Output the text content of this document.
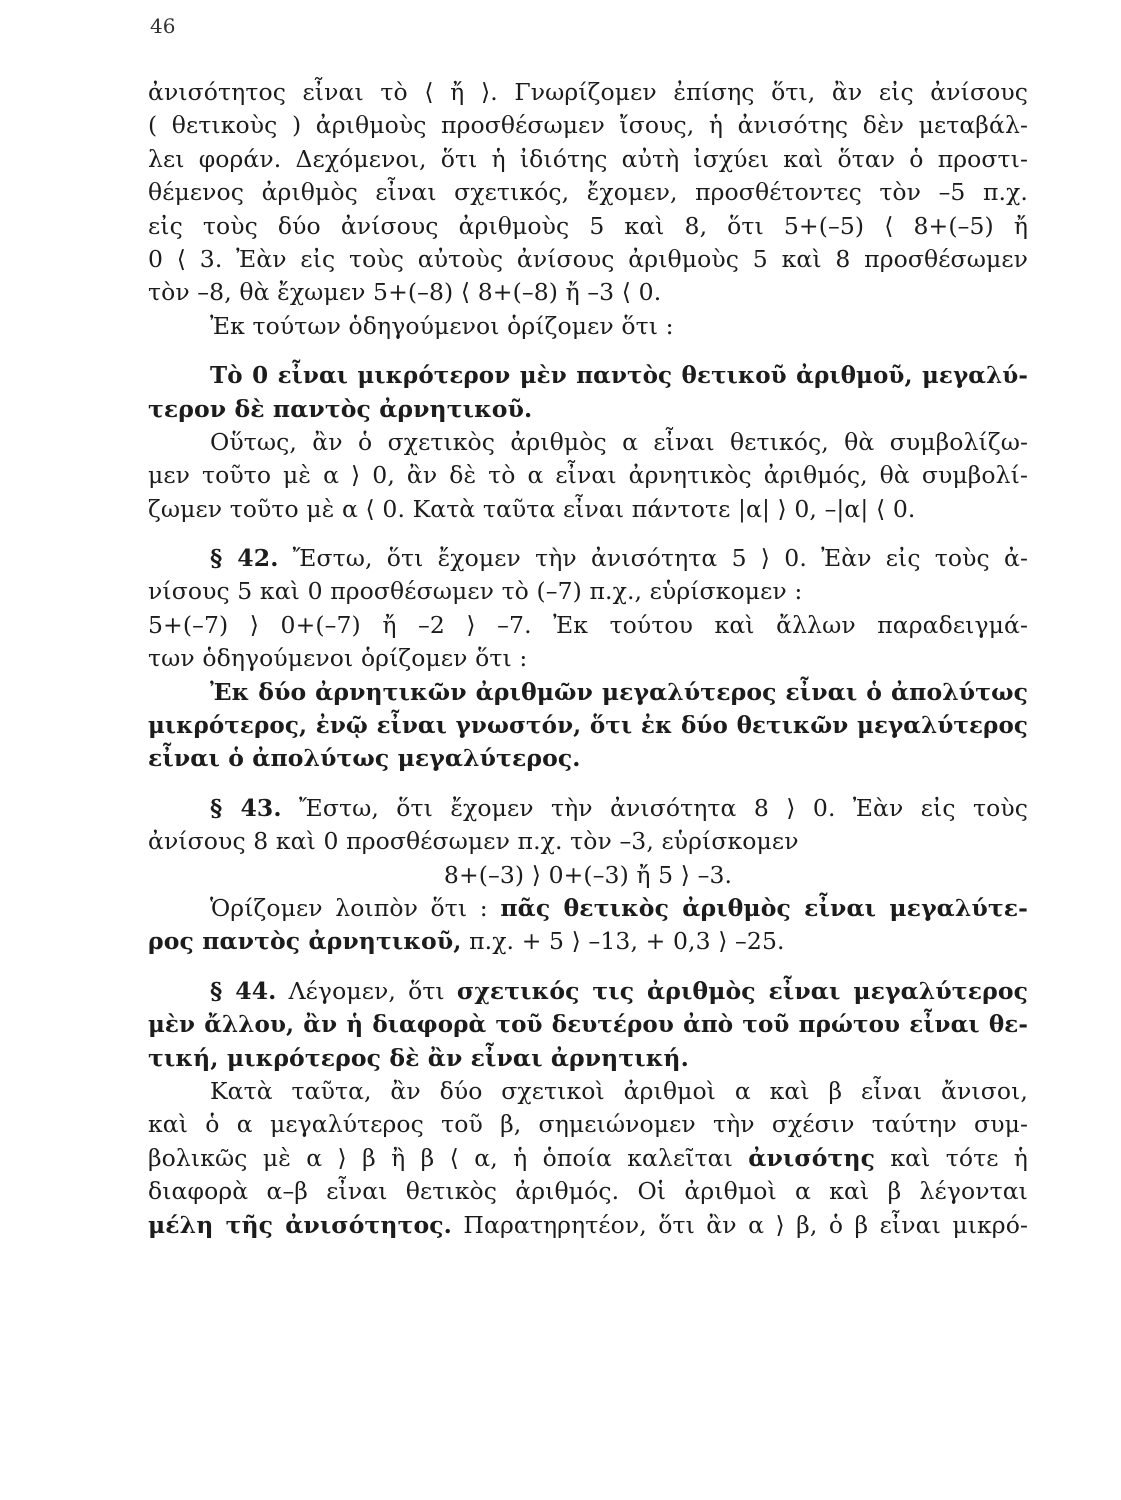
46
ἀνισότητος εἶναι τὸ ⟨ ἤ ⟩. Γνωρίζομεν ἐπίσης ὅτι, ἂν εἰς ἀνίσους
( θετικοὺς ) ἀριθμοὺς προσθέσωμεν ἴσους, ἡ ἀνισότης δὲν μεταβάλ-
λει φοράν. Δεχόμενοι, ὅτι ἡ ἰδιότης αὐτὴ ἰσχύει καὶ ὅταν ὁ προστι-
θέμενος ἀριθμὸς εἶναι σχετικός, ἔχομεν, προσθέτοντες τὸν –5 π.χ.
εἰς τοὺς δύο ἀνίσους ἀριθμοὺς 5 καὶ 8, ὅτι 5+(–5) ⟨ 8+(–5) ἤ
0 ⟨ 3. Ἐὰν εἰς τοὺς αὐτοὺς ἀνίσους ἀριθμοὺς 5 καὶ 8 προσθέσωμεν
τὸν –8, θὰ ἔχωμεν 5+(–8) ⟨ 8+(–8) ἤ –3 ⟨ 0.
Ἐκ τούτων ὁδηγούμενοι ὁρίζομεν ὅτι :
Τὸ 0 εἶναι μικρότερον μὲν παντὸς θετικοῦ ἀριθμοῦ, μεγαλύ-
τερον δὲ παντὸς ἀρνητικοῦ.
Οὕτως, ἂν ὁ σχετικὸς ἀριθμὸς α εἶναι θετικός, θὰ συμβολίζω-
μεν τοῦτο μὲ α ⟩ 0, ἂν δὲ τὸ α εἶναι ἀρνητικὸς ἀριθμός, θὰ συμβολί-
ζωμεν τοῦτο μὲ α ⟨ 0. Κατὰ ταῦτα εἶναι πάντοτε |α| ⟩ 0, –|α| ⟨ 0.
§ 42. Ἔστω, ὅτι ἔχομεν τὴν ἀνισότητα 5 ⟩ 0. Ἐὰν εἰς τοὺς ἀ-
νίσους 5 καὶ 0 προσθέσωμεν τὸ (–7) π.χ., εὑρίσκομεν :
5+(–7) ⟩ 0+(–7) ἤ –2 ⟩ –7. Ἐκ τούτου καὶ ἄλλων παραδειγμά-
των ὁδηγούμενοι ὁρίζομεν ὅτι :
Ἐκ δύο ἀρνητικῶν ἀριθμῶν μεγαλύτερος εἶναι ὁ ἀπολύτως
μικρότερος, ἐνῷ εἶναι γνωστόν, ὅτι ἐκ δύο θετικῶν μεγαλύτερος
εἶναι ὁ ἀπολύτως μεγαλύτερος.
§ 43. Ἔστω, ὅτι ἔχομεν τὴν ἀνισότητα 8 ⟩ 0. Ἐὰν εἰς τοὺς
ἀνίσους 8 καὶ 0 προσθέσωμεν π.χ. τὸν –3, εὑρίσκομεν
8+(–3) ⟩ 0+(–3) ἤ 5 ⟩ –3.
Ὁρίζομεν λοιπὸν ὅτι : πᾶς θετικὸς ἀριθμὸς εἶναι μεγαλύτε-
ρος παντὸς ἀρνητικοῦ, π.χ. + 5 ⟩ –13, + 0,3 ⟩ –25.
§ 44. Λέγομεν, ὅτι σχετικός τις ἀριθμὸς εἶναι μεγαλύτερος
μὲν ἄλλου, ἂν ἡ διαφορὰ τοῦ δευτέρου ἀπὸ τοῦ πρώτου εἶναι θε-
τική, μικρότερος δὲ ἂν εἶναι ἀρνητική.
Κατὰ ταῦτα, ἂν δύο σχετικοὶ ἀριθμοὶ α καὶ β εἶναι ἄνισοι,
καὶ ὁ α μεγαλύτερος τοῦ β, σημειώνομεν τὴν σχέσιν ταύτην συμ-
βολικῶς μὲ α ⟩ β ἢ β ⟨ α, ἡ ὁποία καλεῖται ἀνισότης καὶ τότε ἡ
διαφορὰ α–β εἶναι θετικὸς ἀριθμός. Οἱ ἀριθμοὶ α καὶ β λέγονται
μέλη τῆς ἀνισότητος. Παρατηρητέον, ὅτι ἂν α ⟩ β, ὁ β εἶναι μικρό-
